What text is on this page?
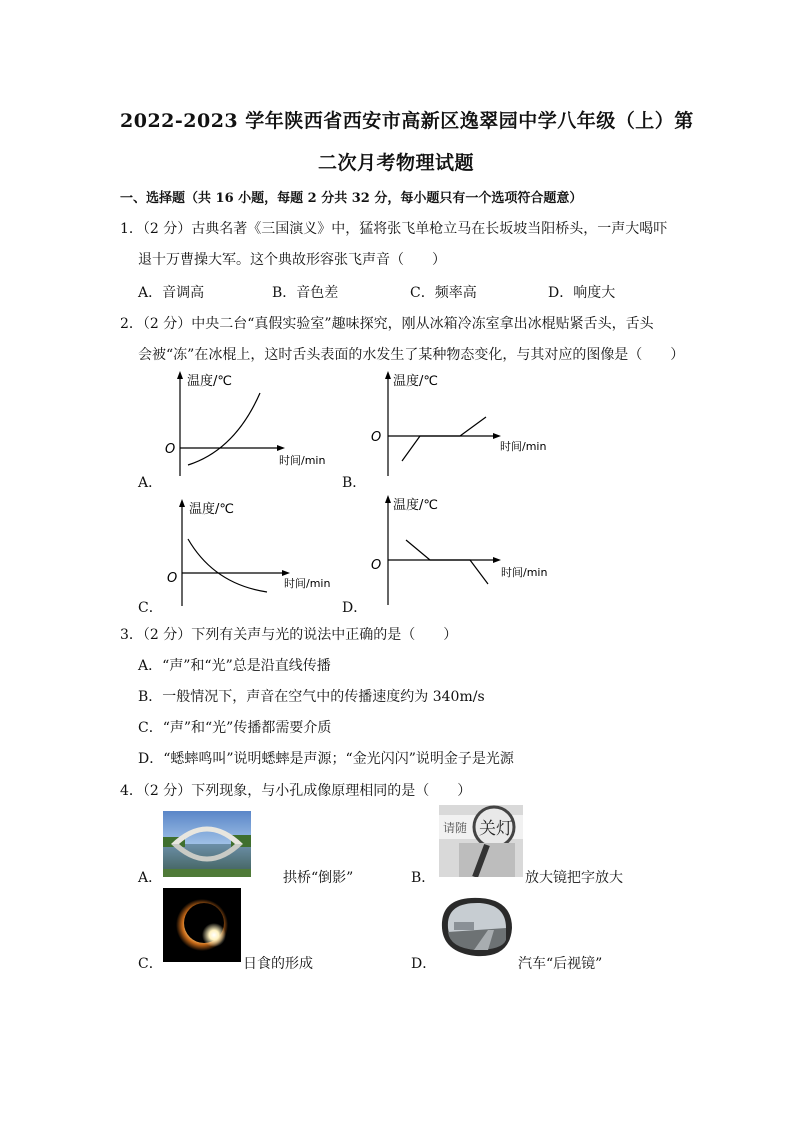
2022-2023 学年陕西省西安市高新区逸翠园中学八年级（上）第
二次月考物理试题
一、选择题（共 16 小题，每题 2 分共 32 分，每小题只有一个选项符合题意）
1．（2 分）古典名著《三国演义》中，猛将张飞单枪立马在长坂坡当阳桥头，一声大喝吓
退十万曹操大军。这个典故形容张飞声音（　　）
A．音调高	B．音色差	C．频率高	D．响度大
2．（2 分）中央二台“真假实验室”趣味探究，刚从冰箱冷冻室拿出冰棍贴紧舌头，舌头
会被“冻”在冰棍上，这时舌头表面的水发生了某种物态变化，与其对应的图像是（　　）
温度/℃
O
时间/min
A．
温度/℃
O
时间/min
B．
温度/℃
O	时间/min
C．
温度/℃
O	时间/min
D．
3．（2 分）下列有关声与光的说法中正确的是（　　）
A．“声”和“光”总是沿直线传播
B．一般情况下，声音在空气中的传播速度约为 340m/s
C．“声”和“光”传播都需要介质
D．“蟋蟀鸣叫”说明蟋蟀是声源；“金光闪闪”说明金子是光源
4．（2 分）下列现象，与小孔成像原理相同的是（　　）
A．	拱桥“倒影”	B．
请随 关灯
放大镜把字放大
C．	日食的形成	D．	汽车“后视镜”
